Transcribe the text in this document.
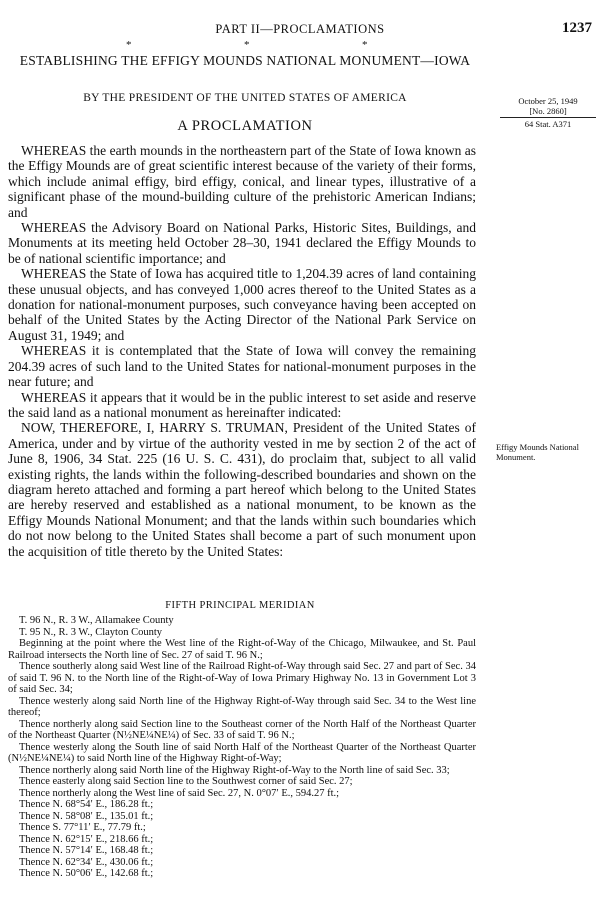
PART II—PROCLAMATIONS	1237
*	*	*
ESTABLISHING THE EFFIGY MOUNDS NATIONAL MONUMENT—IOWA
BY THE PRESIDENT OF THE UNITED STATES OF AMERICA
A PROCLAMATION
October 25, 1949
[No. 2860]
64 Stat. A371
Effigy Mounds National Monument.

WHEREAS the earth mounds in the northeastern part of the State of Iowa known as the Effigy Mounds are of great scientific interest because of the variety of their forms, which include animal effigy, bird effigy, conical, and linear types, illustrative of a significant phase of the mound-building culture of the prehistoric American Indians; and

WHEREAS the Advisory Board on National Parks, Historic Sites, Buildings, and Monuments at its meeting held October 28–30, 1941 declared the Effigy Mounds to be of national scientific importance; and

WHEREAS the State of Iowa has acquired title to 1,204.39 acres of land containing these unusual objects, and has conveyed 1,000 acres thereof to the United States as a donation for national-monument purposes, such conveyance having been accepted on behalf of the United States by the Acting Director of the National Park Service on August 31, 1949; and

WHEREAS it is contemplated that the State of Iowa will convey the remaining 204.39 acres of such land to the United States for national-monument purposes in the near future; and

WHEREAS it appears that it would be in the public interest to set aside and reserve the said land as a national monument as hereinafter indicated:

NOW, THEREFORE, I, HARRY S. TRUMAN, President of the United States of America, under and by virtue of the authority vested in me by section 2 of the act of June 8, 1906, 34 Stat. 225 (16 U. S. C. 431), do proclaim that, subject to all valid existing rights, the lands within the following-described boundaries and shown on the diagram hereto attached and forming a part hereof which belong to the United States are hereby reserved and established as a national monument, to be known as the Effigy Mounds National Monument; and that the lands within such boundaries which do not now belong to the United States shall become a part of such monument upon the acquisition of title thereto by the United States:

FIFTH PRINCIPAL MERIDIAN

T. 96 N., R. 3 W., Allamakee County

T. 95 N., R. 3 W., Clayton County

Beginning at the point where the West line of the Right-of-Way of the Chicago, Milwaukee, and St. Paul Railroad intersects the North line of Sec. 27 of said T. 96 N.;

Thence southerly along said West line of the Railroad Right-of-Way through said Sec. 27 and part of Sec. 34 of said T. 96 N. to the North line of the Right-of-Way of Iowa Primary Highway No. 13 in Government Lot 3 of said Sec. 34;

Thence westerly along said North line of the Highway Right-of-Way through said Sec. 34 to the West line thereof;

Thence northerly along said Section line to the Southeast corner of the North Half of the Northeast Quarter of the Northeast Quarter (N½NE¼NE¼) of Sec. 33 of said T. 96 N.;

Thence westerly along the South line of said North Half of the Northeast Quarter of the Northeast Quarter (N½NE¼NE¼) to said North line of the Highway Right-of-Way;

Thence northerly along said North line of the Highway Right-of-Way to the North line of said Sec. 33;

Thence easterly along said Section line to the Southwest corner of said Sec. 27;

Thence northerly along the West line of said Sec. 27, N. 0°07′ E., 594.27 ft.;

Thence N. 68°54′ E., 186.28 ft.;

Thence N. 58°08′ E., 135.01 ft.;

Thence S. 77°11′ E., 77.79 ft.;

Thence N. 62°15′ E., 218.66 ft.;

Thence N. 57°14′ E., 168.48 ft.;

Thence N. 62°34′ E., 430.06 ft.;

Thence N. 50°06′ E., 142.68 ft.;
